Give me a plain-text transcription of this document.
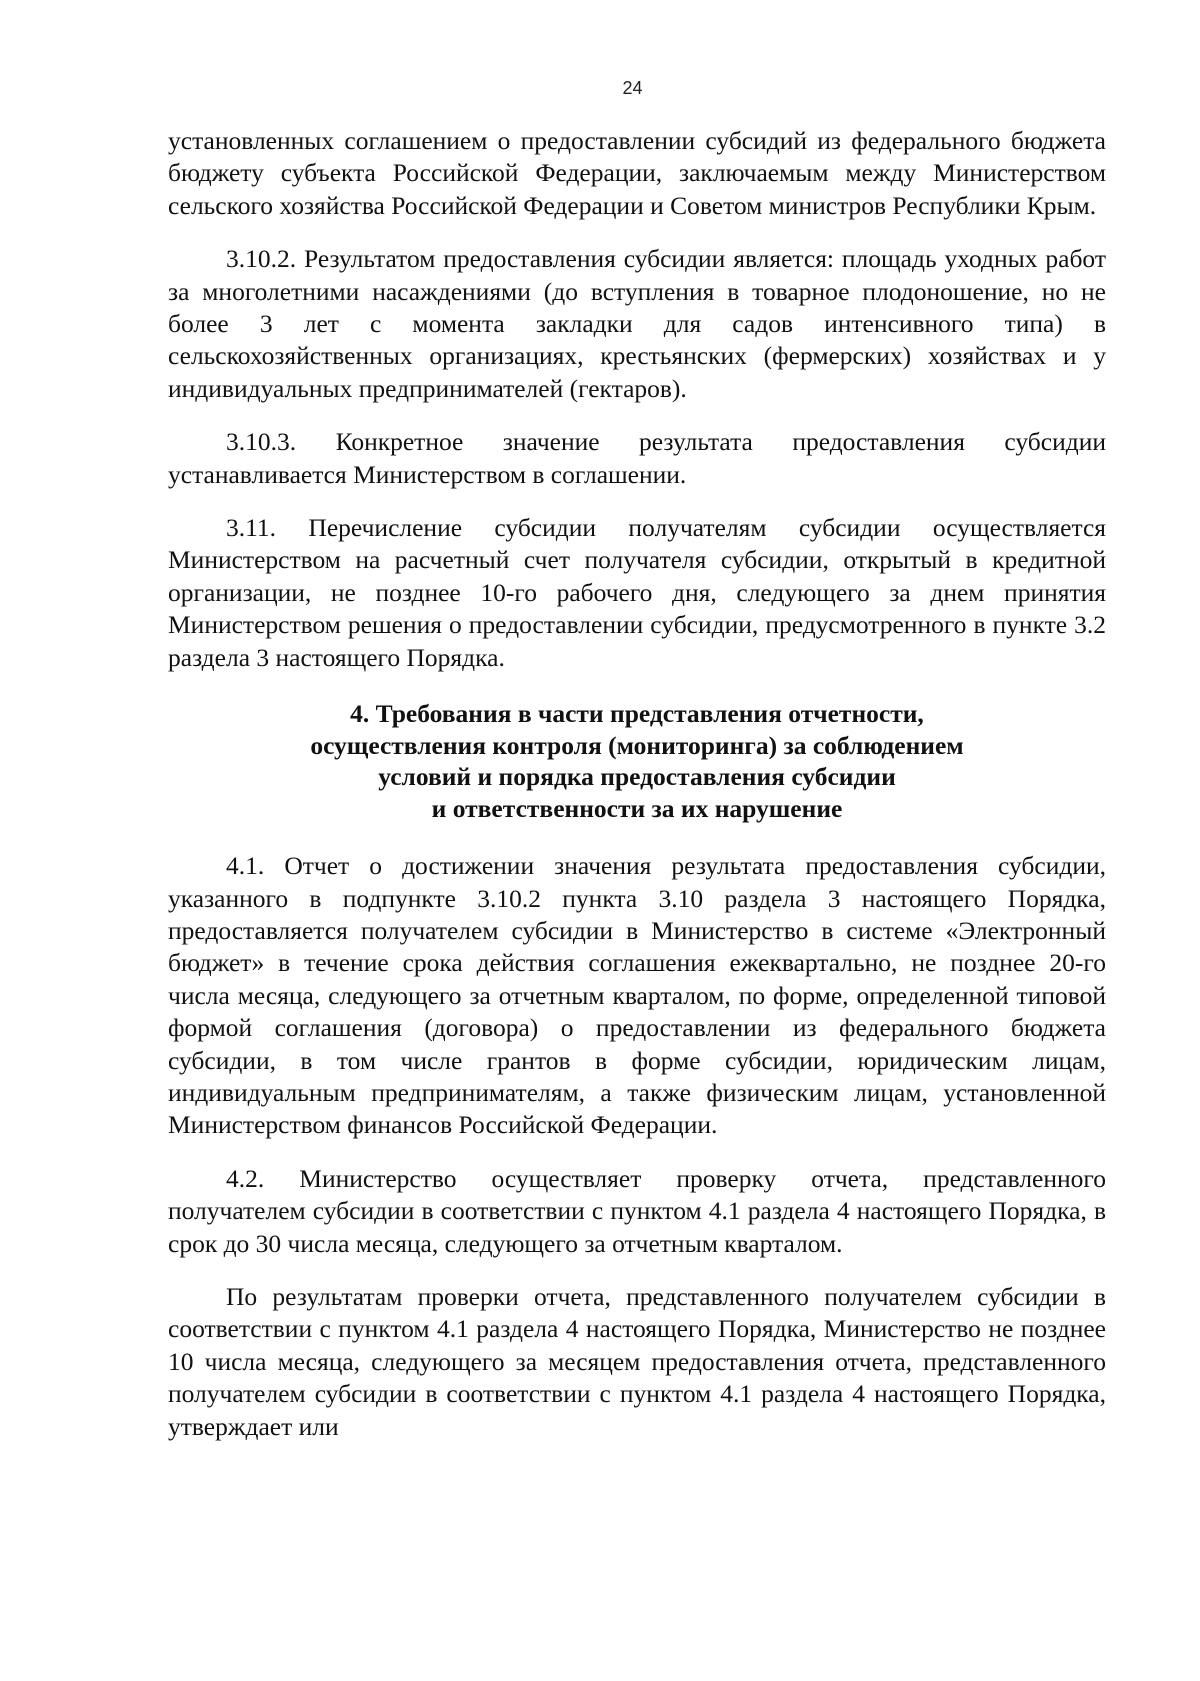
24

установленных соглашением о предоставлении субсидий из федерального бюджета бюджету субъекта Российской Федерации, заключаемым между Министерством сельского хозяйства Российской Федерации и Советом министров Республики Крым.

3.10.2. Результатом предоставления субсидии является: площадь уходных работ за многолетними насаждениями (до вступления в товарное плодоношение, но не более 3 лет с момента закладки для садов интенсивного типа) в сельскохозяйственных организациях, крестьянских (фермерских) хозяйствах и у индивидуальных предпринимателей (гектаров).

3.10.3. Конкретное значение результата предоставления субсидии устанавливается Министерством в соглашении.

3.11. Перечисление субсидии получателям субсидии осуществляется Министерством на расчетный счет получателя субсидии, открытый в кредитной организации, не позднее 10-го рабочего дня, следующего за днем принятия Министерством решения о предоставлении субсидии, предусмотренного в пункте 3.2 раздела 3 настоящего Порядка.

4. Требования в части представления отчетности,
осуществления контроля (мониторинга) за соблюдением
условий и порядка предоставления субсидии
и ответственности за их нарушение

4.1. Отчет о достижении значения результата предоставления субсидии, указанного в подпункте 3.10.2 пункта 3.10 раздела 3 настоящего Порядка, предоставляется получателем субсидии в Министерство в системе «Электронный бюджет» в течение срока действия соглашения ежеквартально, не позднее 20-го числа месяца, следующего за отчетным кварталом, по форме, определенной типовой формой соглашения (договора) о предоставлении из федерального бюджета субсидии, в том числе грантов в форме субсидии, юридическим лицам, индивидуальным предпринимателям, а также физическим лицам, установленной Министерством финансов Российской Федерации.

4.2. Министерство осуществляет проверку отчета, представленного получателем субсидии в соответствии с пунктом 4.1 раздела 4 настоящего Порядка, в срок до 30 числа месяца, следующего за отчетным кварталом.

По результатам проверки отчета, представленного получателем субсидии в соответствии с пунктом 4.1 раздела 4 настоящего Порядка, Министерство не позднее 10 числа месяца, следующего за месяцем предоставления отчета, представленного получателем субсидии в соответствии с пунктом 4.1 раздела 4 настоящего Порядка, утверждает или
